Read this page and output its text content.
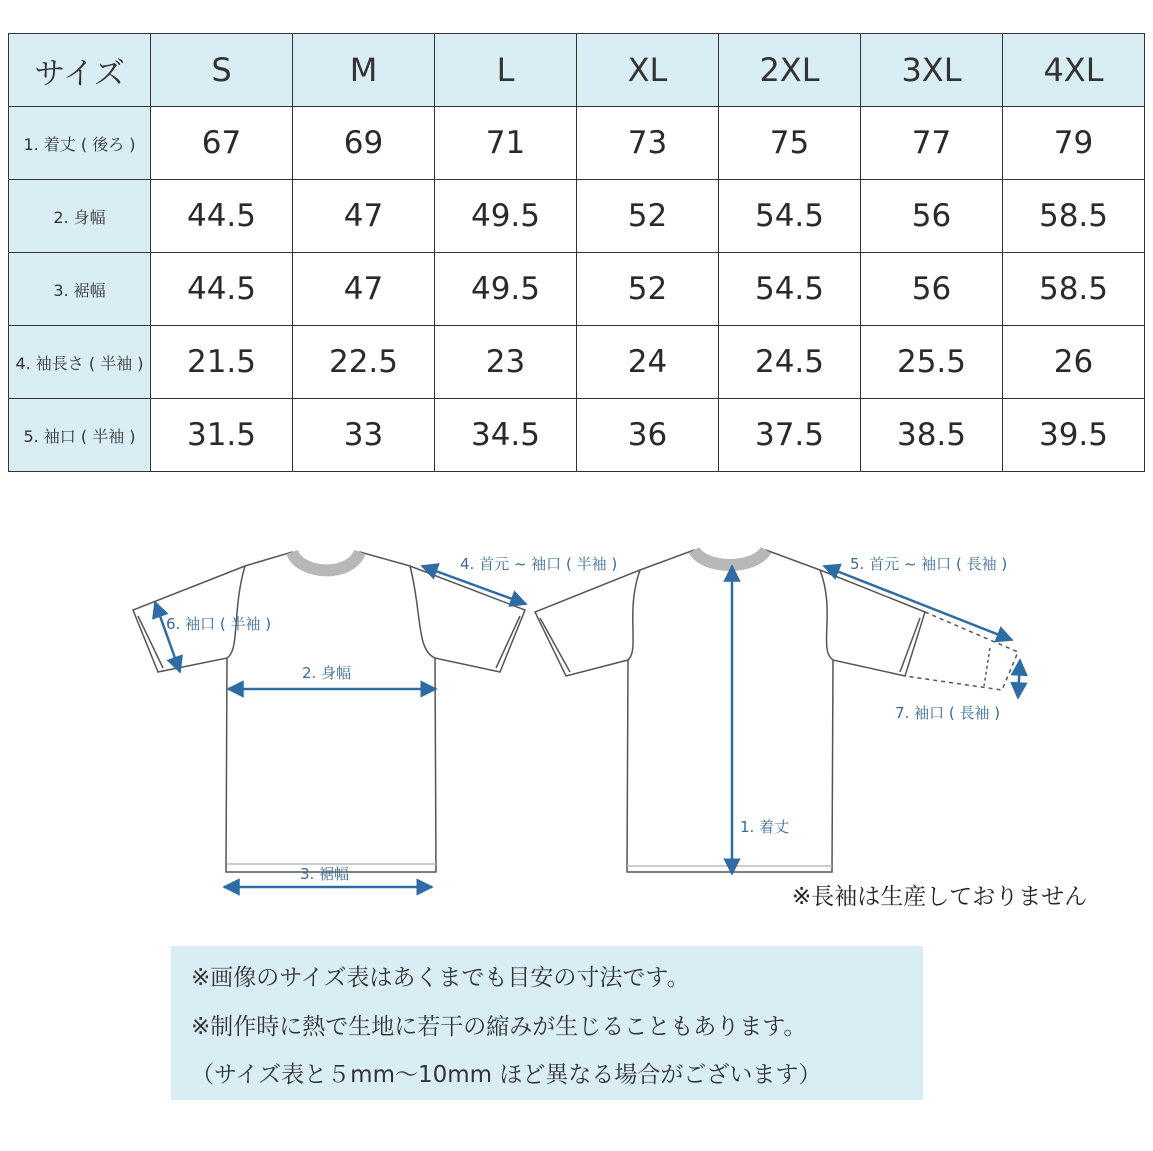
サイズ	S	M	L	XL	2XL	3XL	4XL
1. 着丈 ( 後ろ )	67	69	71	73	75	77	79
2. 身幅	44.5	47	49.5	52	54.5	56	58.5
3. 裾幅	44.5	47	49.5	52	54.5	56	58.5
4. 袖長さ ( 半袖 )	21.5	22.5	23	24	24.5	25.5	26
5. 袖口 ( 半袖 )	31.5	33	34.5	36	37.5	38.5	39.5
4. 首元 ~ 袖口 ( 半袖 )
6. 袖口 ( 半袖 )
2. 身幅
3. 裾幅
5. 首元 ~ 袖口 ( 長袖 )
7. 袖口 ( 長袖 )
1. 着丈
※長袖は生産しておりません

※画像のサイズ表はあくまでも目安の寸法です。

※制作時に熱で生地に若干の縮みが生じることもあります。

（サイズ表と５mm〜10mm ほど異なる場合がございます）
